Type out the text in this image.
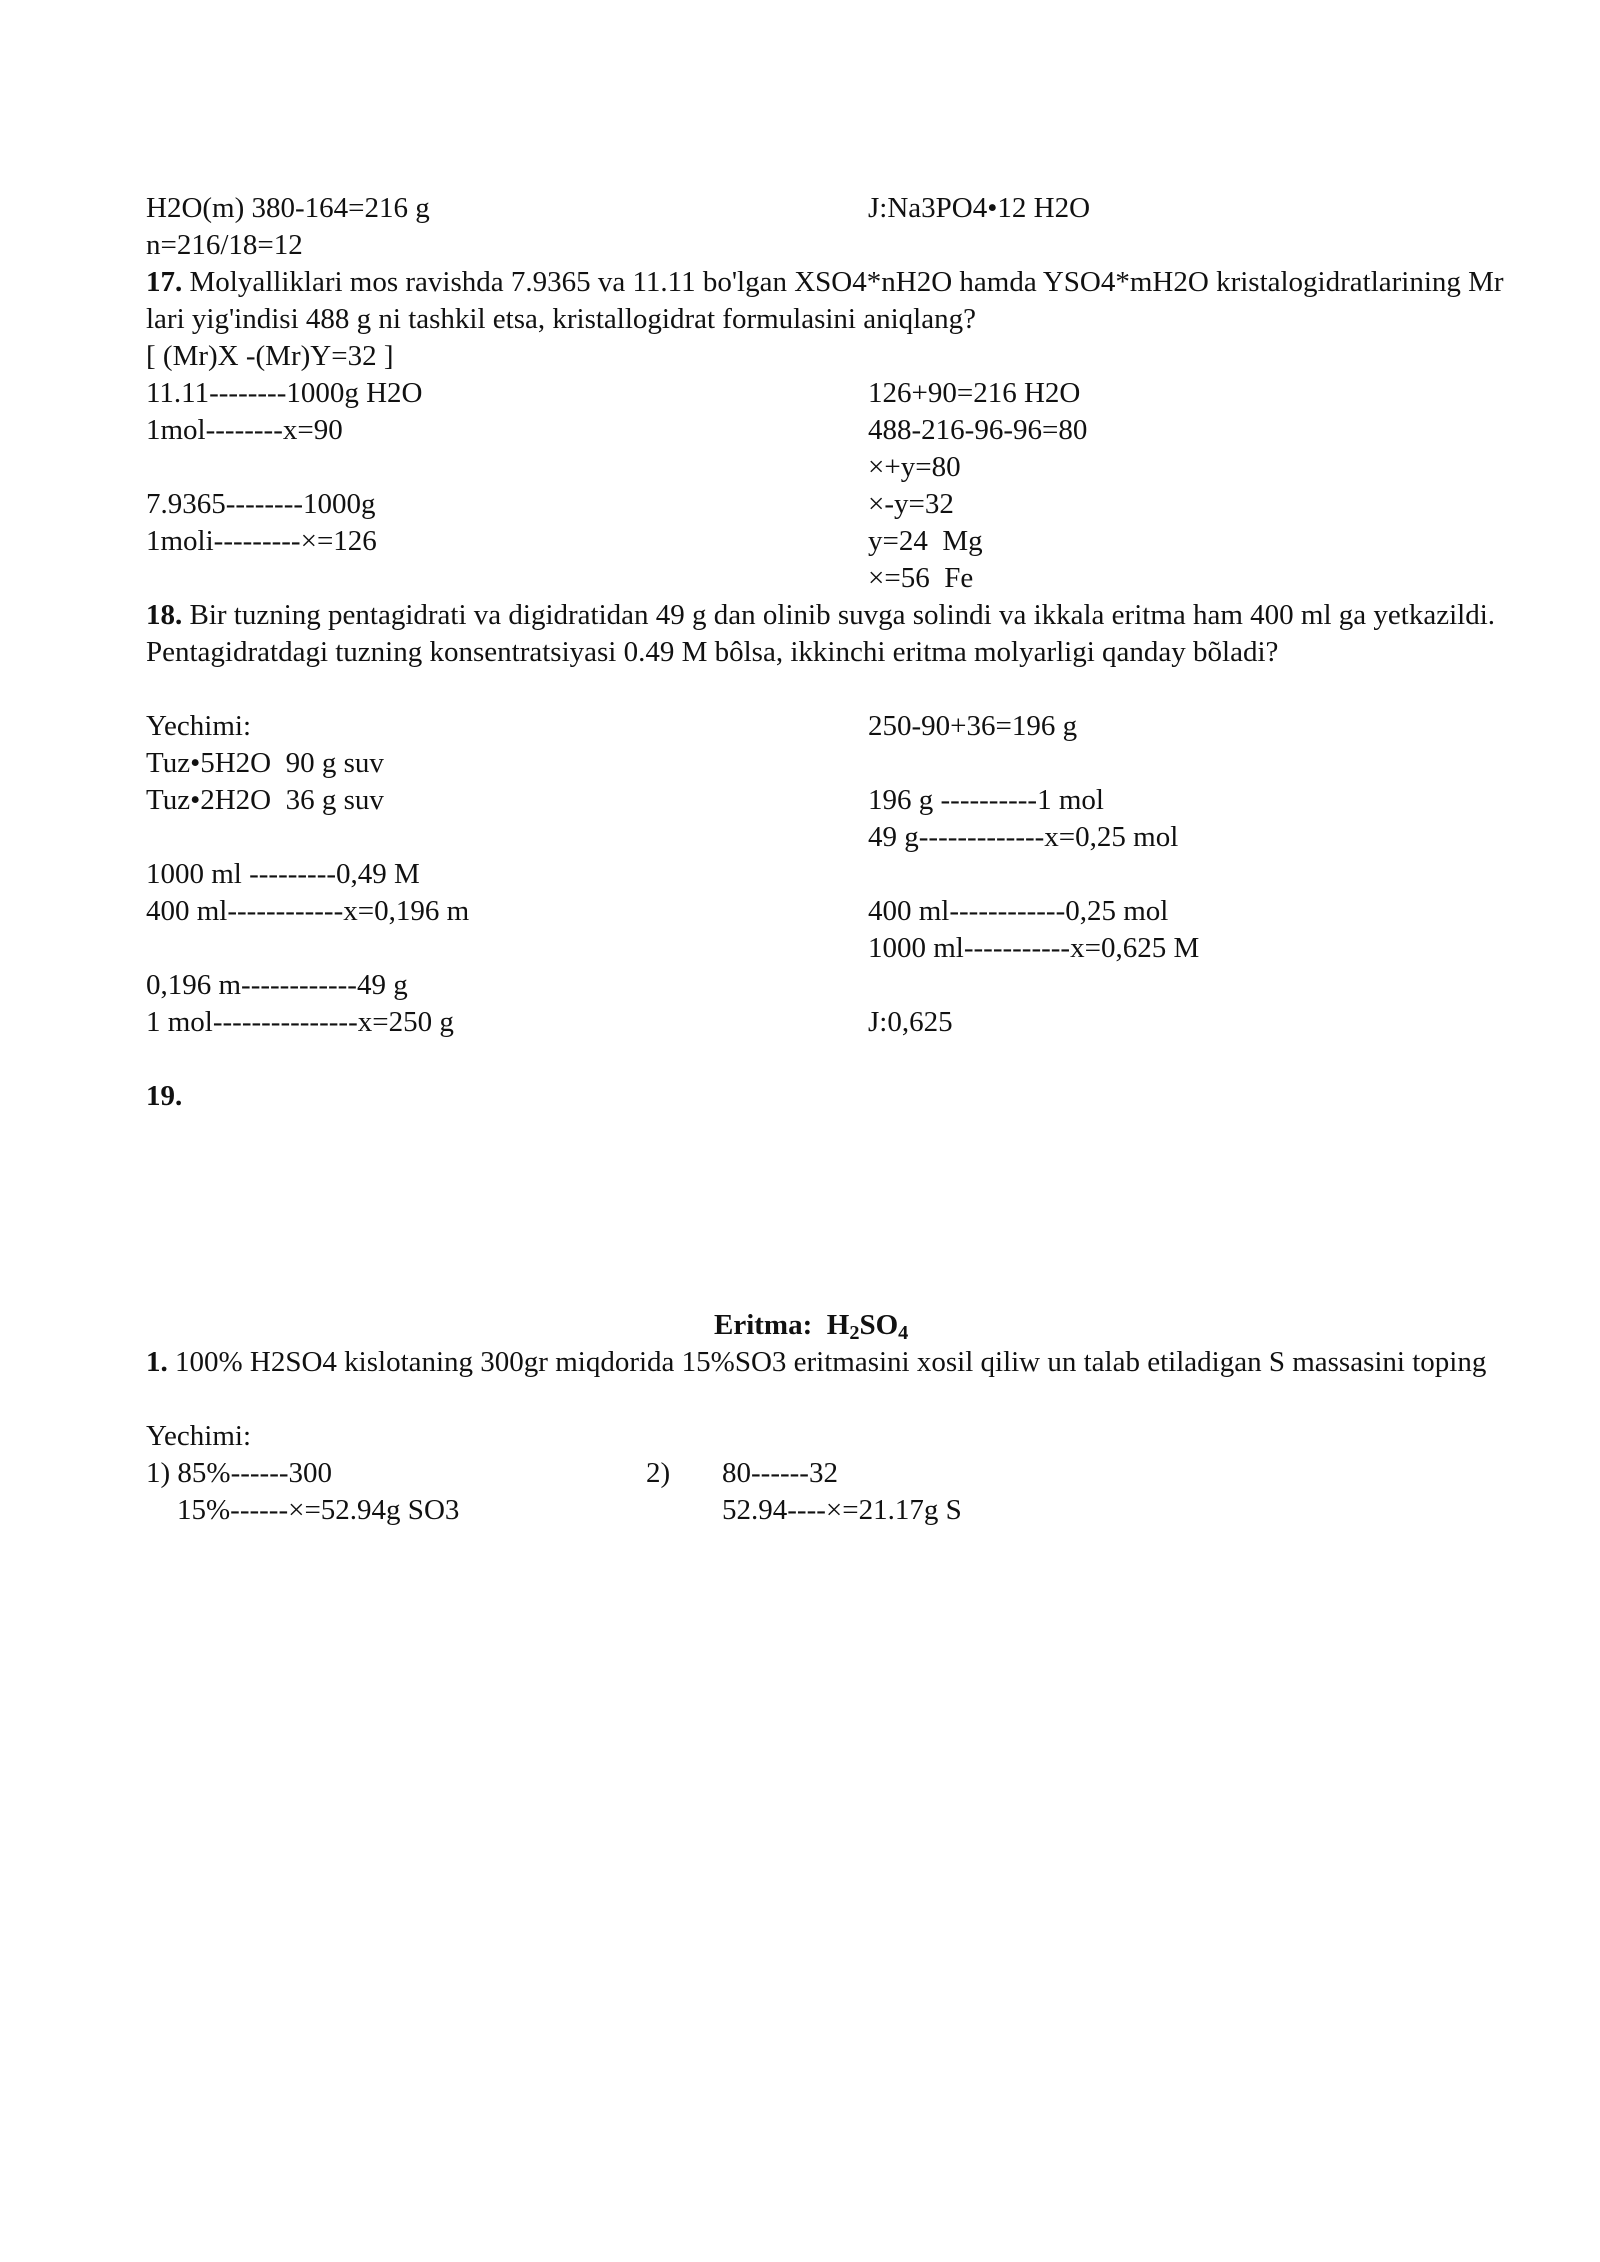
H2O(m) 380-164=216 g	J:Na3PO4•12 H2O

n=216/18=12

17. Molyalliklari mos ravishda 7.9365 va 11.11 bo'lgan XSO4*nH2O hamda YSO4*mH2O kristalogidratlarining Mr lari yig'indisi 488 g ni tashkil etsa, kristallogidrat formulasini aniqlang?

[ (Mr)X -(Mr)Y=32 ]

11.11--------1000g H2O

1mol--------x=90

7.9365--------1000g

1moli---------×=126

126+90=216 H2O

488-216-96-96=80

×+y=80

×-y=32

y=24  Mg

×=56  Fe

18. Bir tuzning pentagidrati va digidratidan 49 g dan olinib suvga solindi va ikkala eritma ham 400 ml ga yetkazildi. Pentagidratdagi tuzning konsentratsiyasi 0.49 M bôlsa, ikkinchi eritma molyarligi qanday bõladi?

Yechimi:

Tuz•5H2O  90 g suv

Tuz•2H2O  36 g suv

1000 ml ---------0,49 M

400 ml------------x=0,196 m

0,196 m------------49 g

1 mol---------------x=250 g

250-90+36=196 g

196 g ----------1 mol

49 g-------------x=0,25 mol

400 ml------------0,25 mol

1000 ml-----------x=0,625 M

J:0,625

19.

Eritma:  $H_2SO_4$

1. 100% H2SO4 kislotaning 300gr miqdorida 15%SO3 eritmasini xosil qiliw un talab etiladigan S massasini toping

Yechimi:

1) 85%------300

15%------×=52.94g SO3

2) 80------32

52.94----×=21.17g S
